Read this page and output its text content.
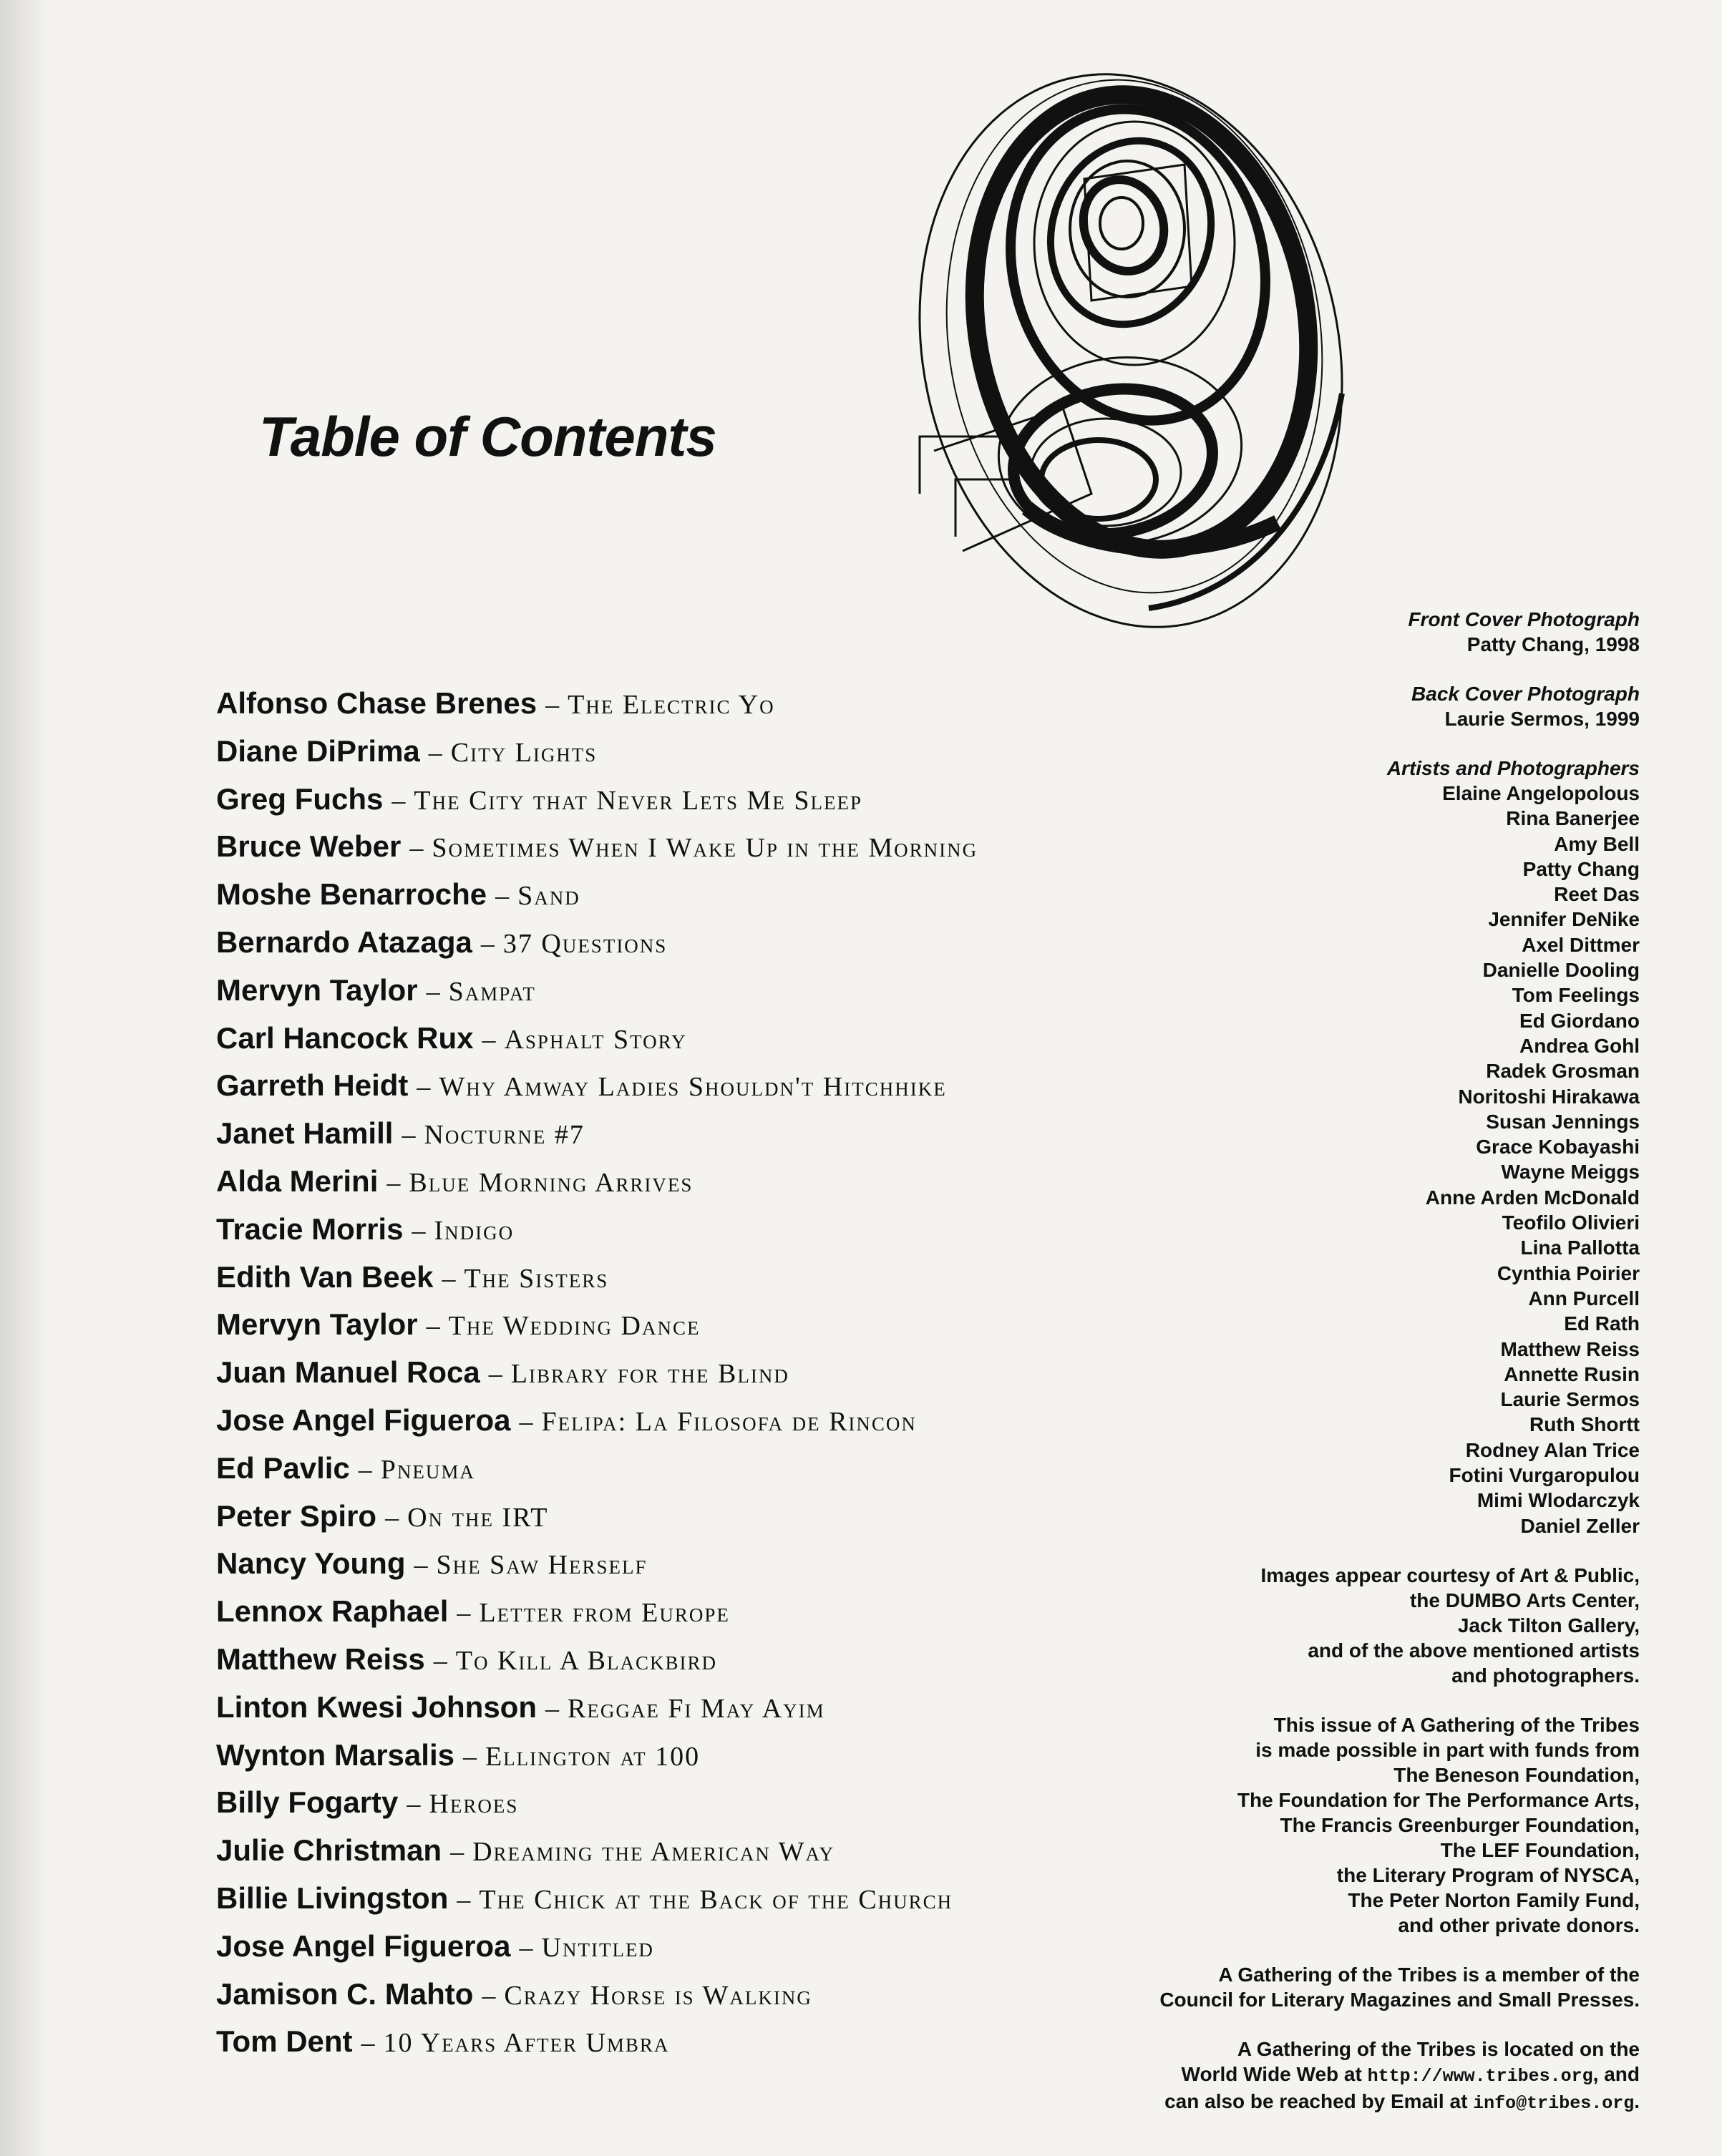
Table of Contents
Alfonso Chase Brenes – The Electric Yo
Diane DiPrima – City Lights
Greg Fuchs – The City that Never Lets Me Sleep
Bruce Weber – Sometimes When I Wake Up in the Morning
Moshe Benarroche – Sand
Bernardo Atazaga – 37 Questions
Mervyn Taylor – Sampat
Carl Hancock Rux – Asphalt Story
Garreth Heidt – Why Amway Ladies Shouldn't Hitchhike
Janet Hamill – Nocturne #7
Alda Merini – Blue Morning Arrives
Tracie Morris – Indigo
Edith Van Beek – The Sisters
Mervyn Taylor – The Wedding Dance
Juan Manuel Roca – Library for the Blind
Jose Angel Figueroa – Felipa: La Filosofa de Rincon
Ed Pavlic – Pneuma
Peter Spiro – On the IRT
Nancy Young – She Saw Herself
Lennox Raphael – Letter from Europe
Matthew Reiss – To Kill A Blackbird
Linton Kwesi Johnson – Reggae Fi May Ayim
Wynton Marsalis – Ellington at 100
Billy Fogarty – Heroes
Julie Christman – Dreaming the American Way
Billie Livingston – The Chick at the Back of the Church
Jose Angel Figueroa – Untitled
Jamison C. Mahto – Crazy Horse is Walking
Tom Dent – 10 Years After Umbra
Front Cover Photograph
Patty Chang, 1998
Back Cover Photograph
Laurie Sermos, 1999
Artists and Photographers
Elaine Angelopolous
Rina Banerjee
Amy Bell
Patty Chang
Reet Das
Jennifer DeNike
Axel Dittmer
Danielle Dooling
Tom Feelings
Ed Giordano
Andrea Gohl
Radek Grosman
Noritoshi Hirakawa
Susan Jennings
Grace Kobayashi
Wayne Meiggs
Anne Arden McDonald
Teofilo Olivieri
Lina Pallotta
Cynthia Poirier
Ann Purcell
Ed Rath
Matthew Reiss
Annette Rusin
Laurie Sermos
Ruth Shortt
Rodney Alan Trice
Fotini Vurgaropulou
Mimi Wlodarczyk
Daniel Zeller
Images appear courtesy of Art & Public,
the DUMBO Arts Center,
Jack Tilton Gallery,
and of the above mentioned artists
and photographers.
This issue of A Gathering of the Tribes
is made possible in part with funds from
The Beneson Foundation,
The Foundation for The Performance Arts,
The Francis Greenburger Foundation,
The LEF Foundation,
the Literary Program of NYSCA,
The Peter Norton Family Fund,
and other private donors.
A Gathering of the Tribes is a member of the
Council for Literary Magazines and Small Presses.
A Gathering of the Tribes is located on the
World Wide Web at http://www.tribes.org, and
can also be reached by Email at info@tribes.org.
